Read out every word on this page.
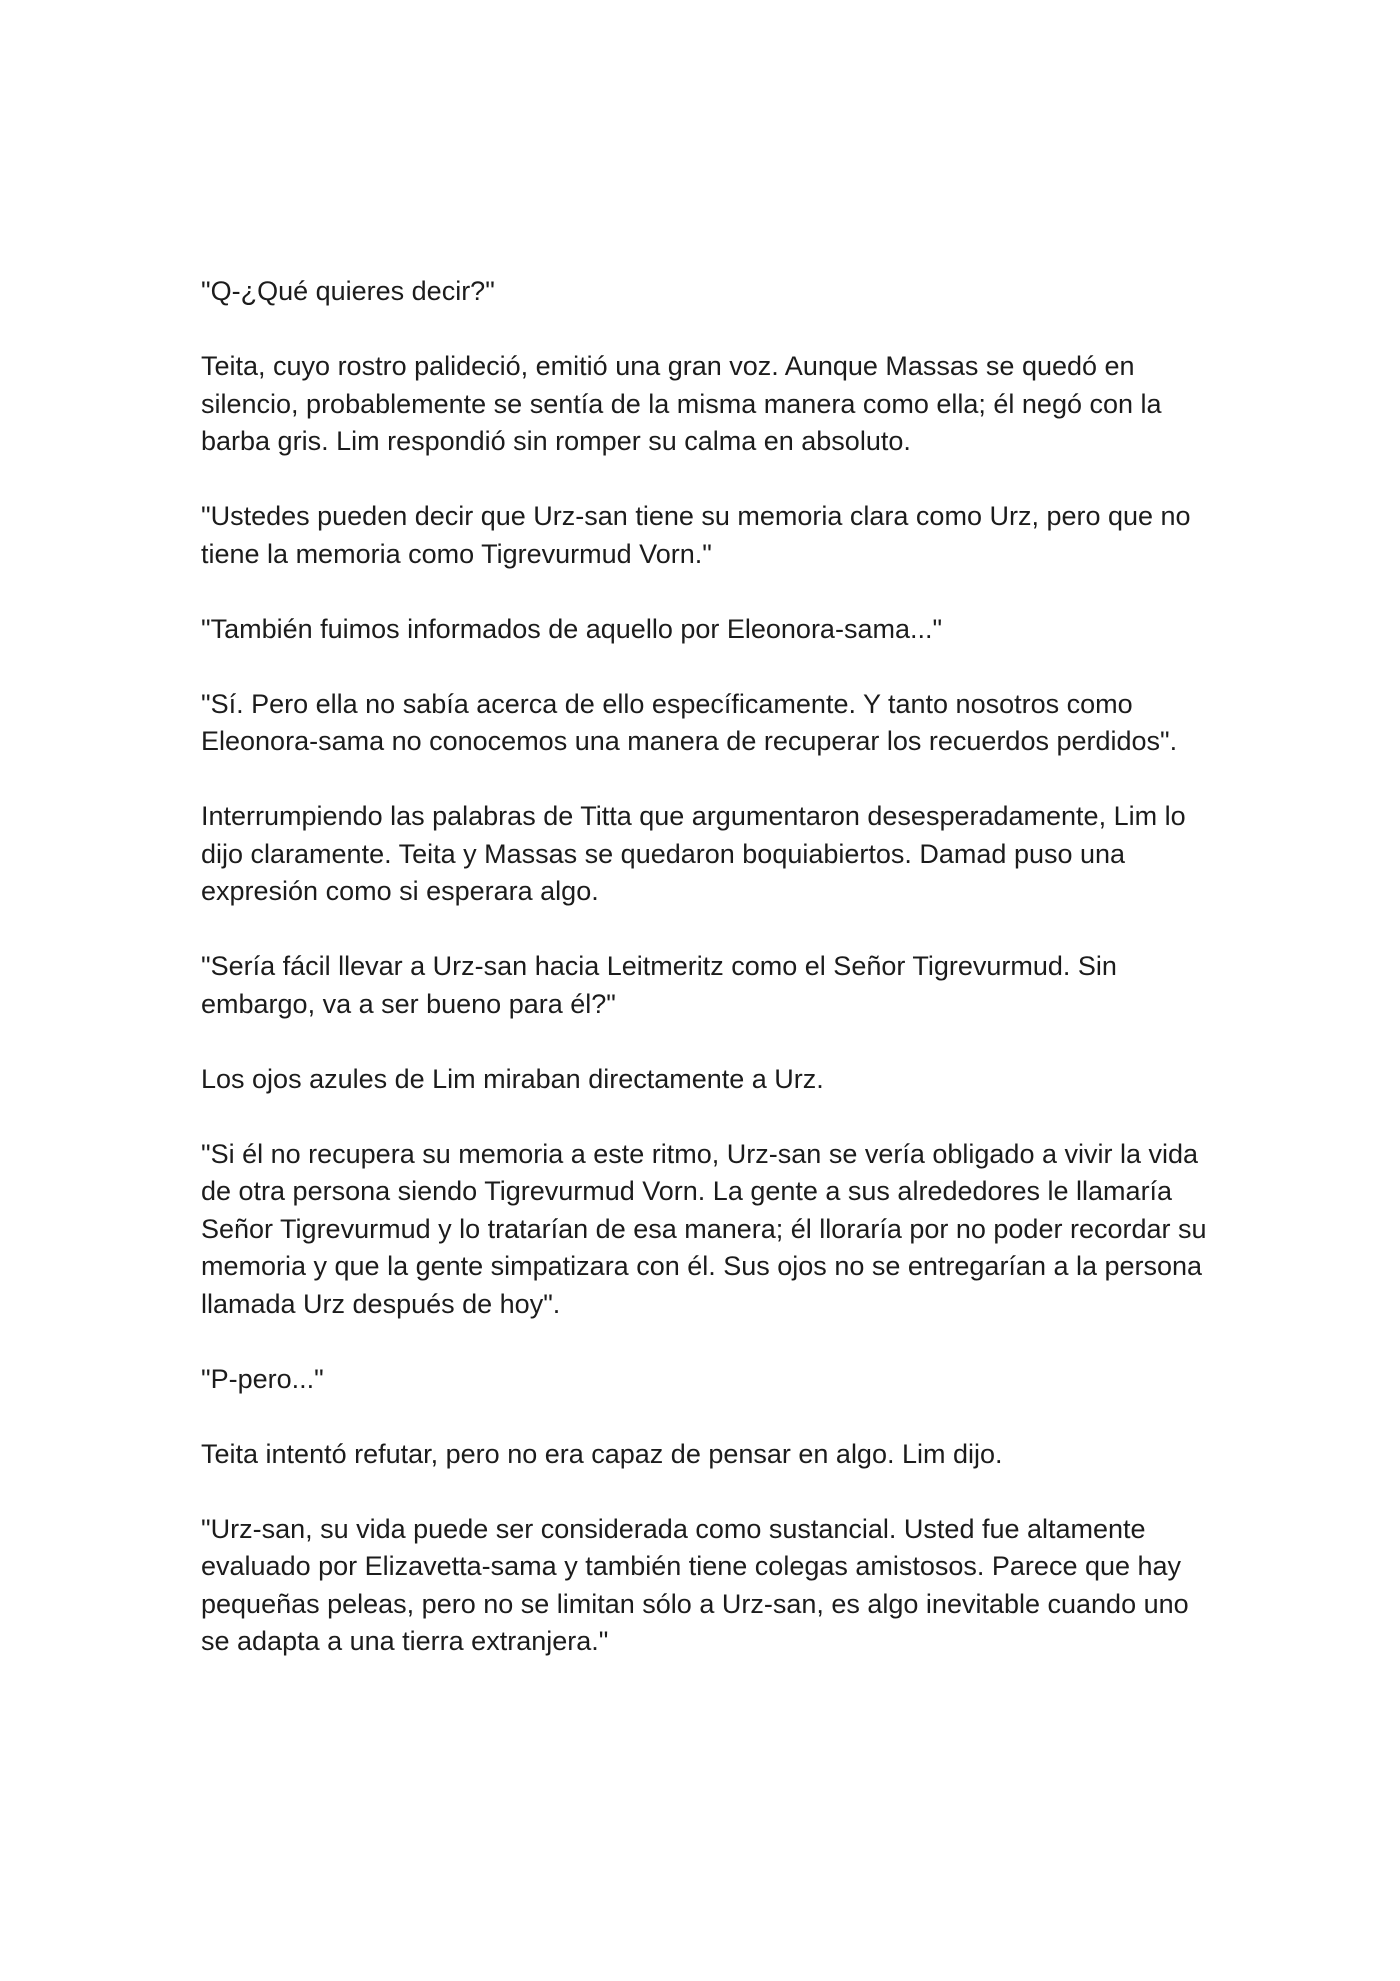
"Q-¿Qué quieres decir?"

Teita, cuyo rostro palideció, emitió una gran voz. Aunque Massas se quedó en silencio, probablemente se sentía de la misma manera como ella; él negó con la barba gris. Lim respondió sin romper su calma en absoluto.

"Ustedes pueden decir que Urz-san tiene su memoria clara como Urz, pero que no tiene la memoria como Tigrevurmud Vorn."

"También fuimos informados de aquello por Eleonora-sama..."

"Sí. Pero ella no sabía acerca de ello específicamente. Y tanto nosotros como Eleonora-sama no conocemos una manera de recuperar los recuerdos perdidos".

Interrumpiendo las palabras de Titta que argumentaron desesperadamente, Lim lo dijo claramente. Teita y Massas se quedaron boquiabiertos. Damad puso una expresión como si esperara algo.

"Sería fácil llevar a Urz-san hacia Leitmeritz como el Señor Tigrevurmud. Sin embargo, va a ser bueno para él?"

Los ojos azules de Lim miraban directamente a Urz.

"Si él no recupera su memoria a este ritmo, Urz-san se vería obligado a vivir la vida de otra persona siendo Tigrevurmud Vorn. La gente a sus alrededores le llamaría Señor Tigrevurmud y lo tratarían de esa manera; él lloraría por no poder recordar su memoria y que la gente simpatizara con él. Sus ojos no se entregarían a la persona llamada Urz después de hoy".

"P-pero..."

Teita intentó refutar, pero no era capaz de pensar en algo. Lim dijo.

"Urz-san, su vida puede ser considerada como sustancial. Usted fue altamente evaluado por Elizavetta-sama y también tiene colegas amistosos. Parece que hay pequeñas peleas, pero no se limitan sólo a Urz-san, es algo inevitable cuando uno se adapta a una tierra extranjera."
